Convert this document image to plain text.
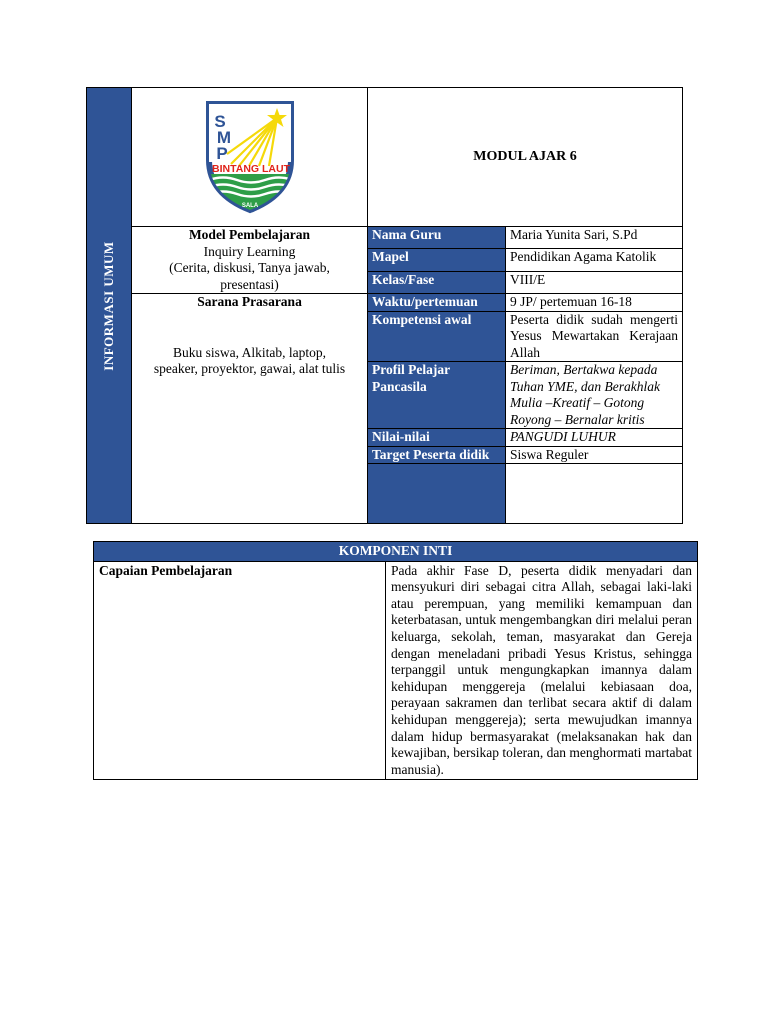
INFORMASI UMUM	S
M
P
BINTANG LAUT
SALA	MODUL AJAR 6	

	Model Pembelajaran
Inquiry Learning
(Cerita, diskusi, Tanya jawab,
presentasi)	Nama Guru	Maria Yunita Sari, S.Pd
		Mapel	Pendidikan Agama Katolik
		Kelas/Fase	VIII/E

	Sarana Prasarana
Buku siswa, Alkitab, laptop,
speaker, proyektor, gawai, alat tulis	Waktu/pertemuan	9 JP/ pertemuan 16-18
		Kompetensi awal	Peserta didik sudah mengerti Yesus Mewartakan Kerajaan Allah
		Profil Pelajar Pancasila	Beriman, Bertakwa kepada Tuhan YME, dan Berakhlak Mulia –Kreatif – Gotong Royong – Bernalar kritis
		Nilai-nilai	PANGUDI LUHUR
		Target Peserta didik	Siswa Reguler

KOMPONEN INTI
Capaian Pembelajaran	Pada akhir Fase D, peserta didik menyadari dan mensyukuri diri sebagai citra Allah, sebagai laki-laki atau perempuan, yang memiliki kemampuan dan keterbatasan, untuk mengembangkan diri melalui peran keluarga, sekolah, teman, masyarakat dan Gereja dengan meneladani pribadi Yesus Kristus, sehingga terpanggil untuk mengungkapkan imannya dalam kehidupan menggereja (melalui kebiasaan doa, perayaan sakramen dan terlibat secara aktif di dalam kehidupan menggereja); serta mewujudkan imannya dalam hidup bermasyarakat (melaksanakan hak dan kewajiban, bersikap toleran, dan menghormati martabat manusia).
